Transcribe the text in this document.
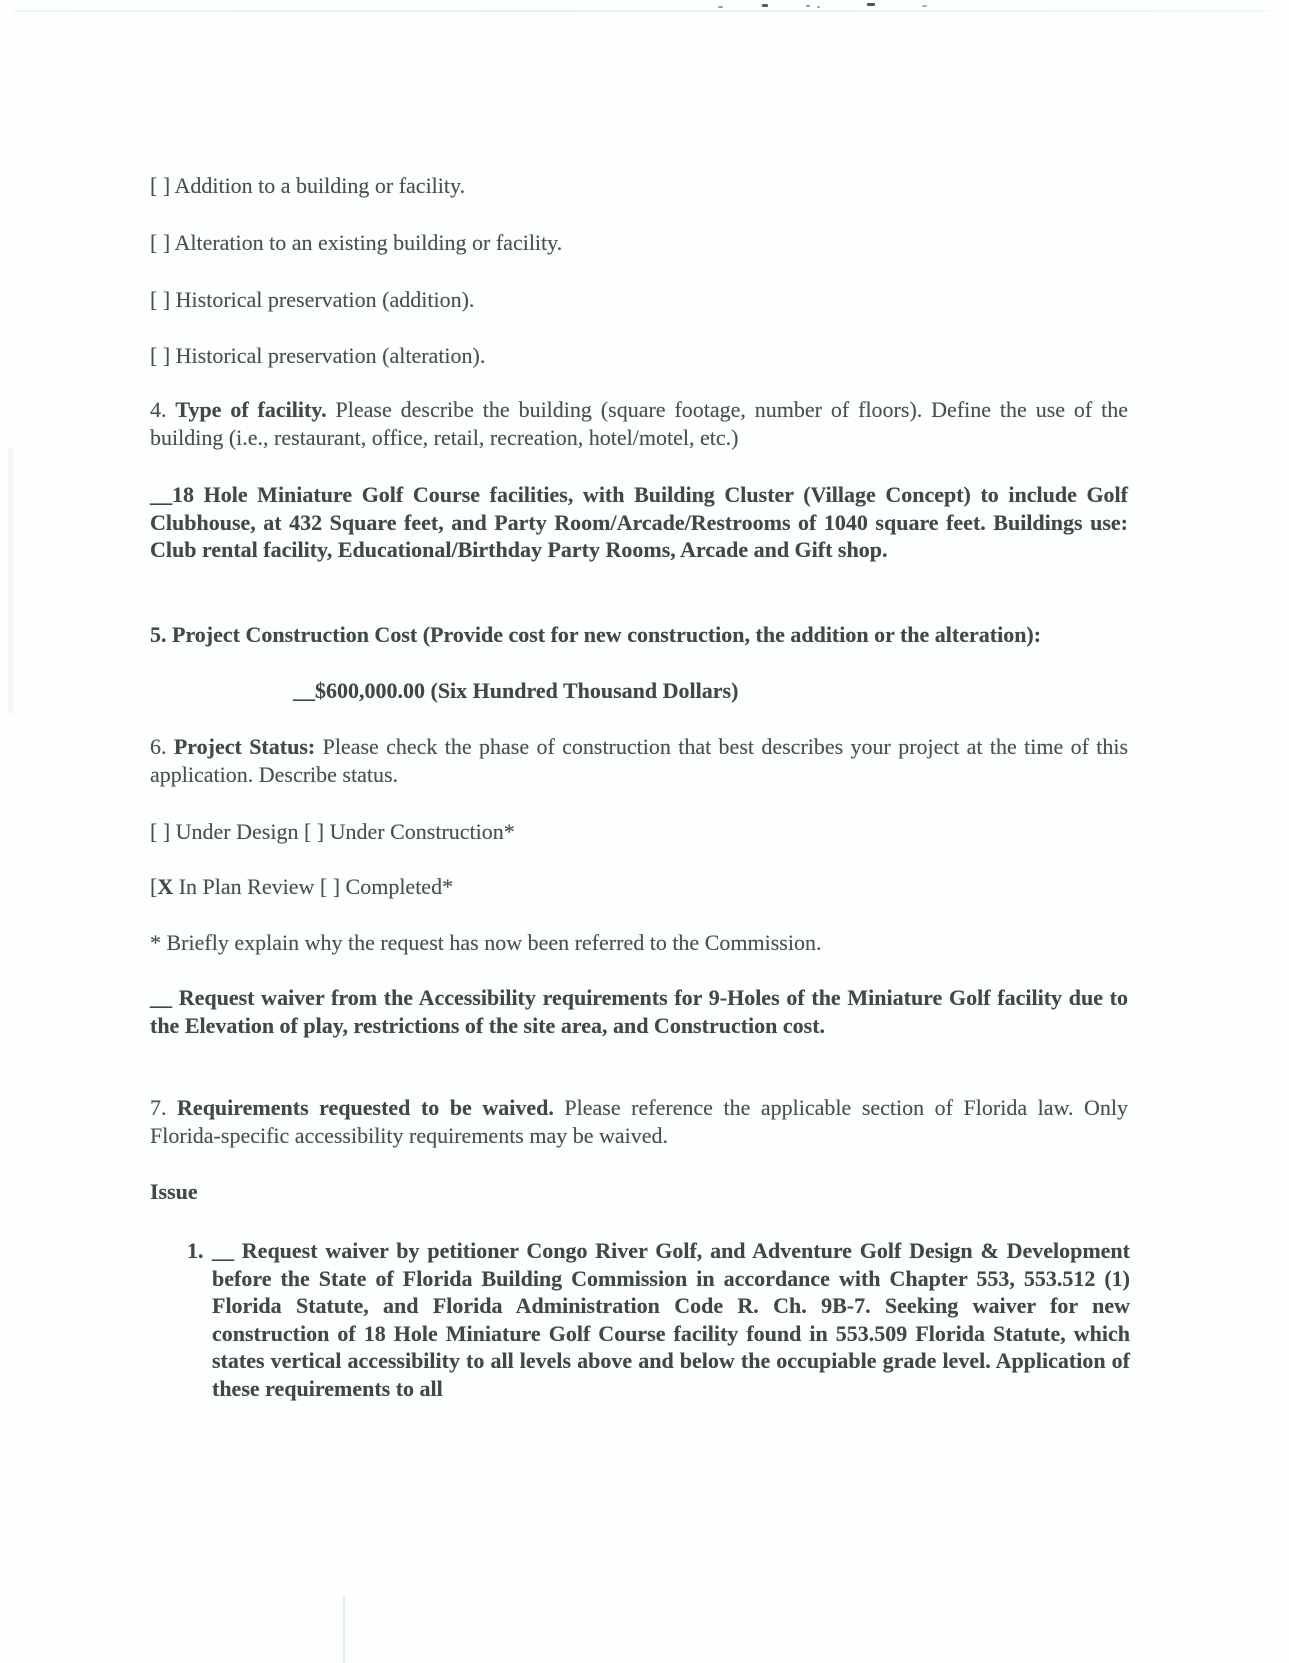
[ ] Addition to a building or facility.
[ ] Alteration to an existing building or facility.
[ ] Historical preservation (addition).
[ ] Historical preservation (alteration).
4. Type of facility. Please describe the building (square footage, number of floors). Define the use of the building (i.e., restaurant, office, retail, recreation, hotel/motel, etc.)
__18 Hole Miniature Golf Course facilities, with Building Cluster (Village Concept) to include Golf Clubhouse, at 432 Square feet, and Party Room/Arcade/Restrooms of 1040 square feet. Buildings use: Club rental facility, Educational/Birthday Party Rooms, Arcade and Gift shop.
5. Project Construction Cost (Provide cost for new construction, the addition or the alteration):
__$600,000.00 (Six Hundred Thousand Dollars)
6. Project Status: Please check the phase of construction that best describes your project at the time of this application. Describe status.
[ ] Under Design [ ] Under Construction*
[X In Plan Review [ ] Completed*
* Briefly explain why the request has now been referred to the Commission.
__ Request waiver from the Accessibility requirements for 9-Holes of the Miniature Golf facility due to the Elevation of play, restrictions of the site area, and Construction cost.
7. Requirements requested to be waived. Please reference the applicable section of Florida law. Only Florida-specific accessibility requirements may be waived.
Issue
1. __ Request waiver by petitioner Congo River Golf, and Adventure Golf Design & Development before the State of Florida Building Commission in accordance with Chapter 553, 553.512 (1) Florida Statute, and Florida Administration Code R. Ch. 9B-7. Seeking waiver for new construction of 18 Hole Miniature Golf Course facility found in 553.509 Florida Statute, which states vertical accessibility to all levels above and below the occupiable grade level. Application of these requirements to all
